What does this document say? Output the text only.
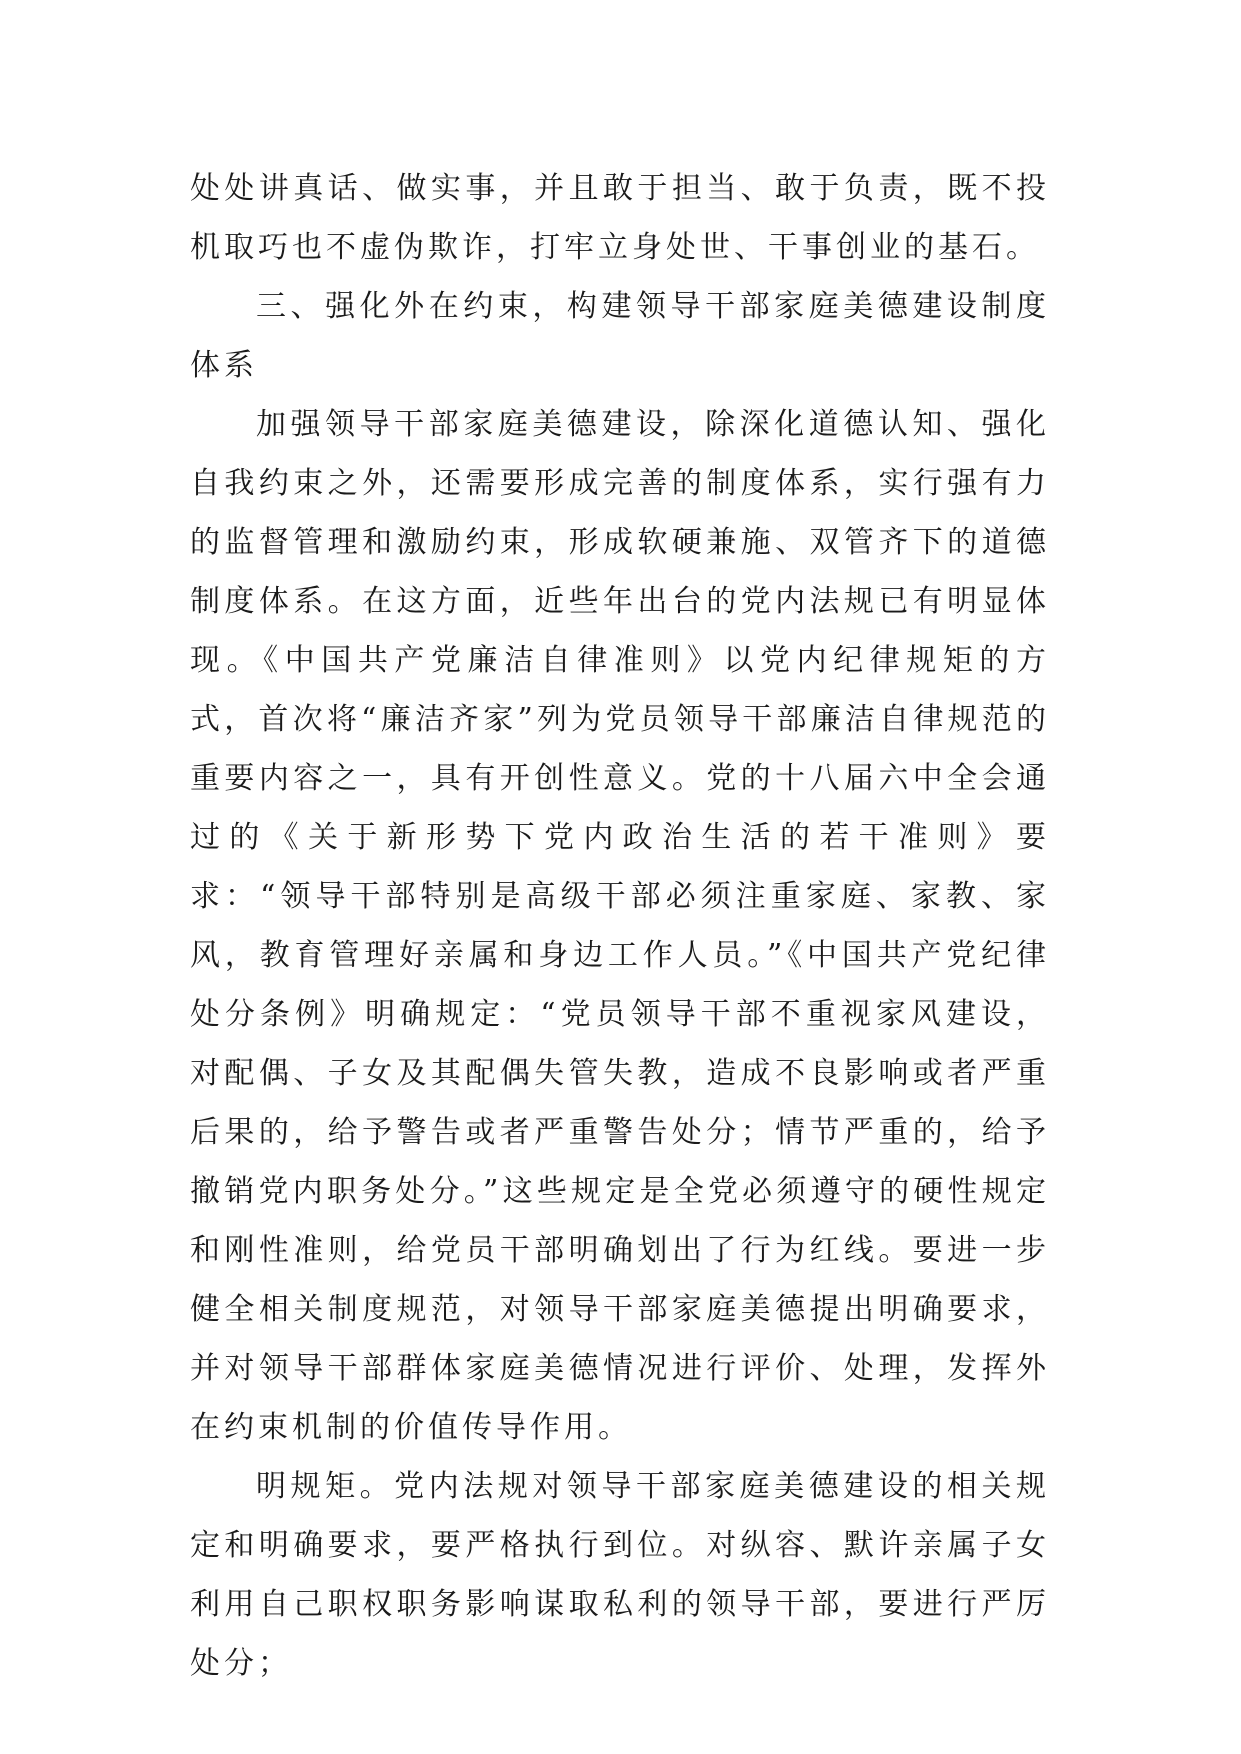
处处讲真话、做实事，并且敢于担当、敢于负责，既不投机取巧也不虚伪欺诈，打牢立身处世、干事创业的基石。

三、强化外在约束，构建领导干部家庭美德建设制度体系

加强领导干部家庭美德建设，除深化道德认知、强化自我约束之外，还需要形成完善的制度体系，实行强有力的监督管理和激励约束，形成软硬兼施、双管齐下的道德制度体系。在这方面，近些年出台的党内法规已有明显体现。《中国共产党廉洁自律准则》以党内纪律规矩的方式，首次将“廉洁齐家”列为党员领导干部廉洁自律规范的重要内容之一，具有开创性意义。党的十八届六中全会通过的《关于新形势下党内政治生活的若干准则》要求：“领导干部特别是高级干部必须注重家庭、家教、家风，教育管理好亲属和身边工作人员。”《中国共产党纪律处分条例》明确规定：“党员领导干部不重视家风建设，对配偶、子女及其配偶失管失教，造成不良影响或者严重后果的，给予警告或者严重警告处分；情节严重的，给予撤销党内职务处分。”这些规定是全党必须遵守的硬性规定和刚性准则，给党员干部明确划出了行为红线。要进一步健全相关制度规范，对领导干部家庭美德提出明确要求，并对领导干部群体家庭美德情况进行评价、处理，发挥外在约束机制的价值传导作用。

明规矩。党内法规对领导干部家庭美德建设的相关规定和明确要求，要严格执行到位。对纵容、默许亲属子女利用自己职权职务影响谋取私利的领导干部，要进行严厉处分；
